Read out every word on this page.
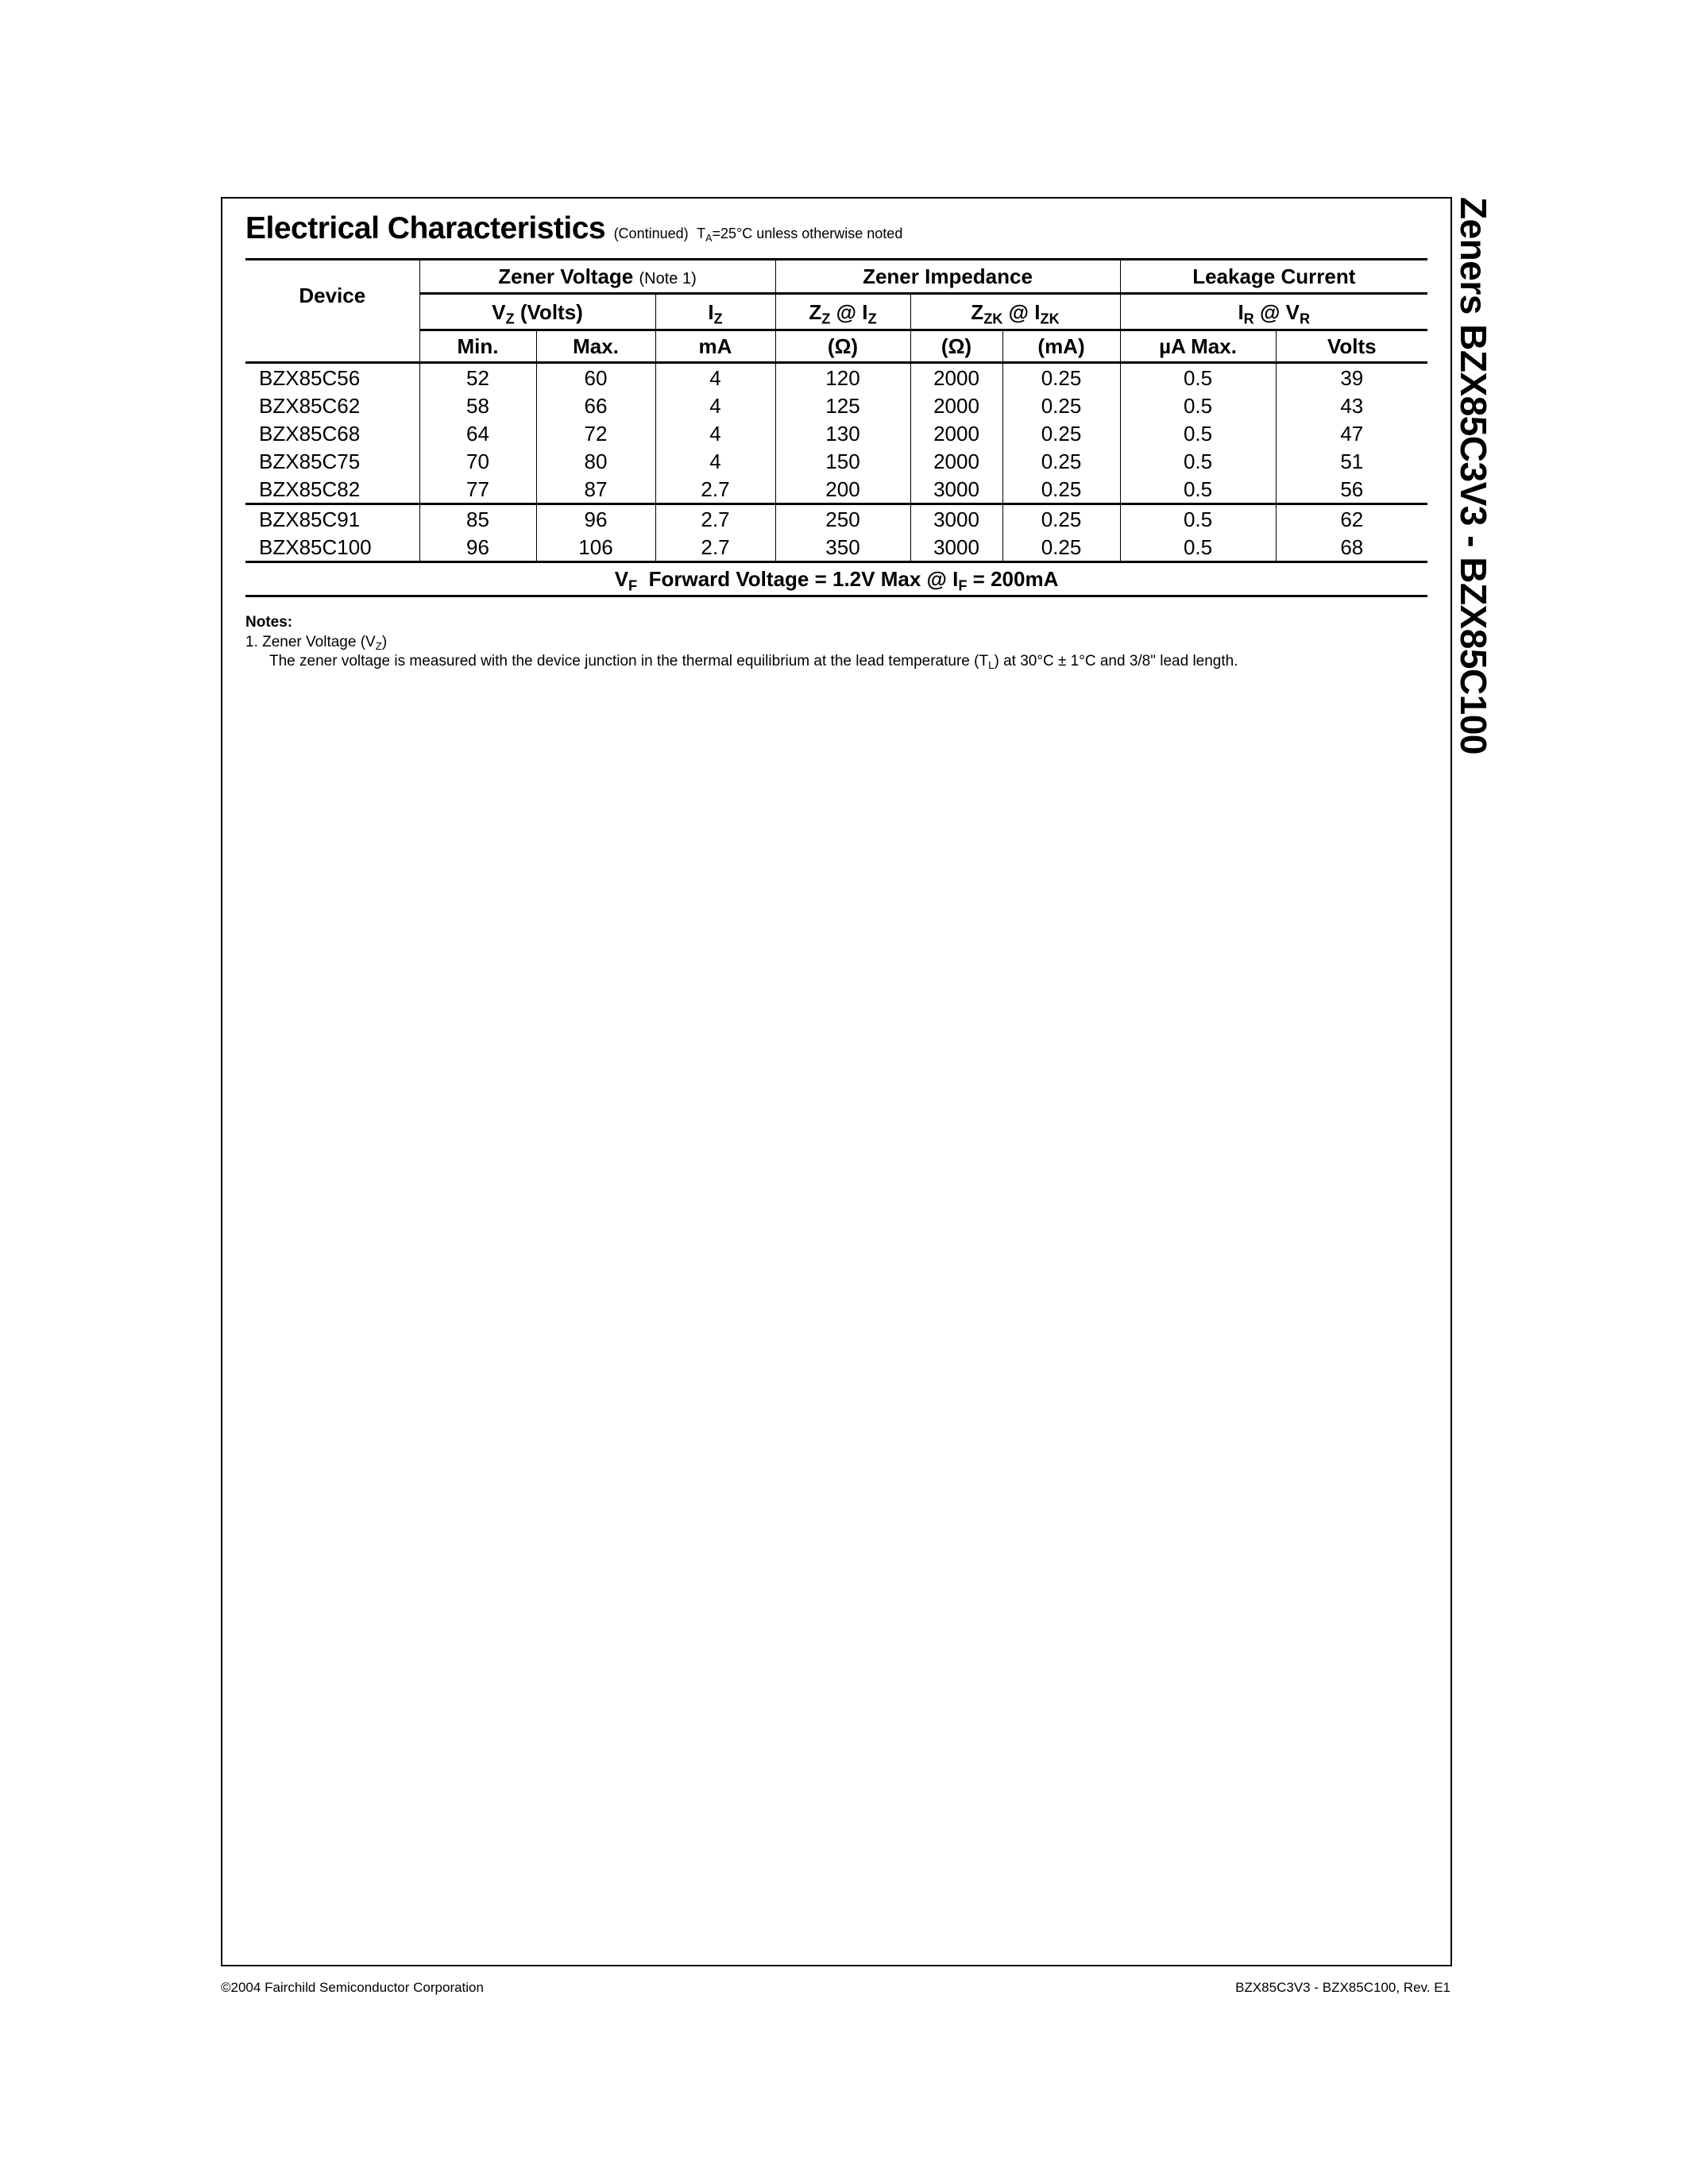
Zeners BZX85C3V3 - BZX85C100
Electrical Characteristics (Continued) $T_A=25^\circ C$ unless otherwise noted
Device	Zener Voltage (Note 1)			Zener Impedance			Leakage Current	
	$V_Z$ (Volts)		$I_Z$	$Z_Z$ @ $I_Z$	$Z_{ZK}$ @ $I_{ZK}$		$I_R$ @ $V_R$
	Min.	Max.	mA	(Ω)	(Ω)	(mA)	µA Max.	Volts
BZX85C56	52	60	4	120	2000	0.25	0.5	39
BZX85C62	58	66	4	125	2000	0.25	0.5	43
BZX85C68	64	72	4	130	2000	0.25	0.5	47
BZX85C75	70	80	4	150	2000	0.25	0.5	51
BZX85C82	77	87	2.7	200	3000	0.25	0.5	56
BZX85C91	85	96	2.7	250	3000	0.25	0.5	62
BZX85C100	96	106	2.7	350	3000	0.25	0.5	68
$V_F$  Forward Voltage = 1.2V Max @ $I_F = 200mA$								
Notes:
1. Zener Voltage $(V_Z)$
The zener voltage is measured with the device junction in the thermal equilibrium at the lead temperature $(T_L)$ at 30°C ± 1°C and 3/8" lead length.
©2004 Fairchild Semiconductor Corporation	BZX85C3V3 - BZX85C100, Rev. E1
